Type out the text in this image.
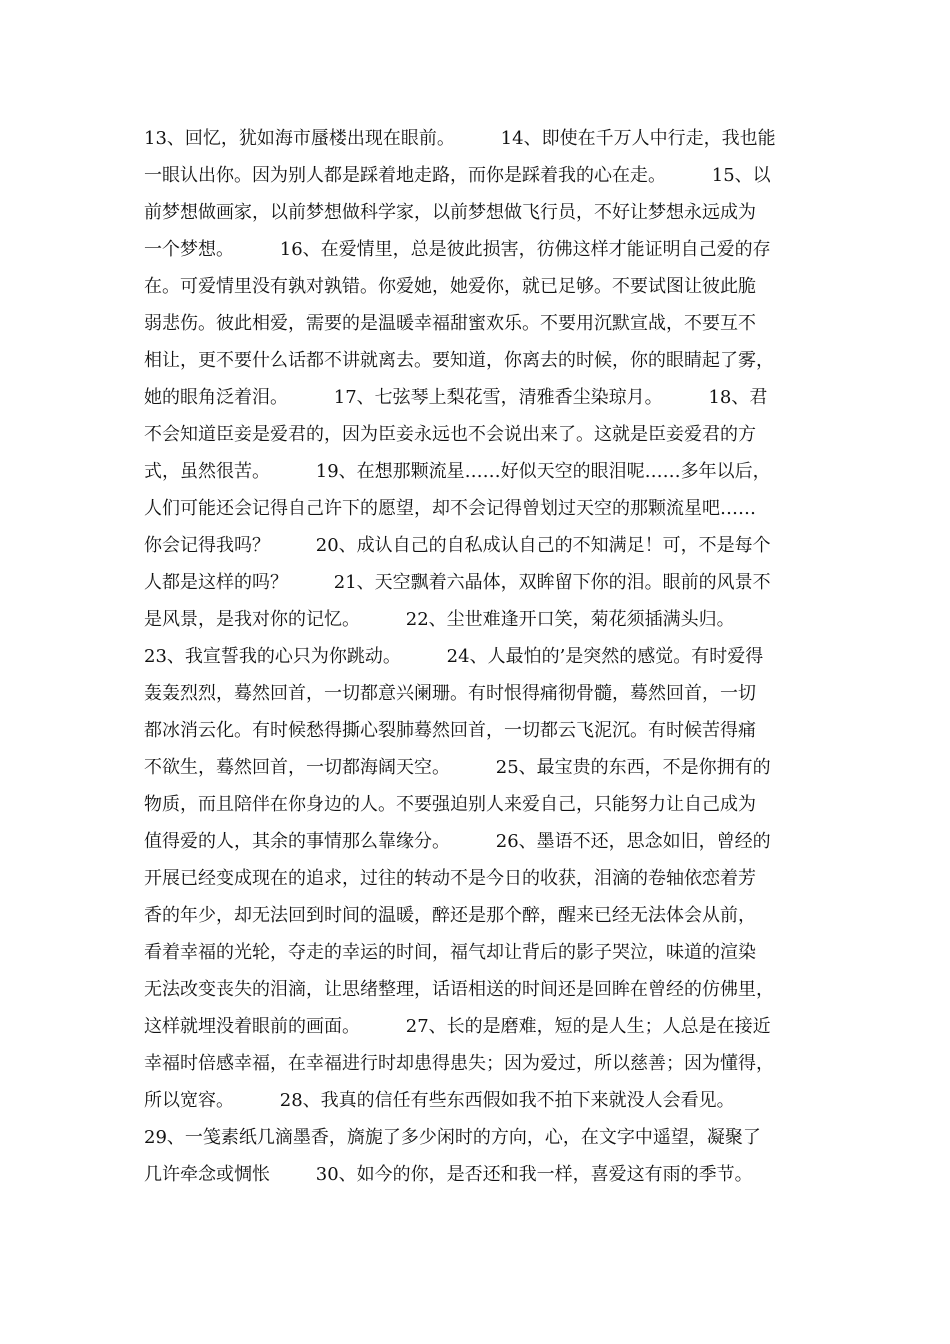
13、回忆，犹如海市蜃楼出现在眼前。        14、即使在千万人中行走，我也能
一眼认出你。因为别人都是踩着地走路，而你是踩着我的心在走。        15、以
前梦想做画家，以前梦想做科学家，以前梦想做飞行员，不好让梦想永远成为
一个梦想。        16、在爱情里，总是彼此损害，彷佛这样才能证明自己爱的存
在。可爱情里没有孰对孰错。你爱她，她爱你，就已足够。不要试图让彼此脆
弱悲伤。彼此相爱，需要的是温暖幸福甜蜜欢乐。不要用沉默宣战，不要互不
相让，更不要什么话都不讲就离去。要知道，你离去的时候，你的眼睛起了雾，
她的眼角泛着泪。        17、七弦琴上梨花雪，清雅香尘染琼月。        18、君
不会知道臣妾是爱君的，因为臣妾永远也不会说出来了。这就是臣妾爱君的方
式，虽然很苦。        19、在想那颗流星……好似天空的眼泪呢……多年以后，
人们可能还会记得自己许下的愿望，却不会记得曾划过天空的那颗流星吧……
你会记得我吗？        20、成认自己的自私成认自己的不知满足！可，不是每个
人都是这样的吗？        21、天空飘着六晶体，双眸留下你的泪。眼前的风景不
是风景，是我对你的记忆。        22、尘世难逢开口笑，菊花须插满头归。
23、我宣誓我的心只为你跳动。        24、人最怕的’是突然的感觉。有时爱得
轰轰烈烈，蓦然回首，一切都意兴阑珊。有时恨得痛彻骨髓，蓦然回首，一切
都冰消云化。有时候愁得撕心裂肺蓦然回首，一切都云飞泥沉。有时候苦得痛
不欲生，蓦然回首，一切都海阔天空。        25、最宝贵的东西，不是你拥有的
物质，而且陪伴在你身边的人。不要强迫别人来爱自己，只能努力让自己成为
值得爱的人，其余的事情那么靠缘分。        26、墨语不还，思念如旧，曾经的
开展已经变成现在的追求，过往的转动不是今日的收获，泪滴的卷轴依恋着芳
香的年少，却无法回到时间的温暖，醉还是那个醉，醒来已经无法体会从前，
看着幸福的光轮，夺走的幸运的时间，福气却让背后的影子哭泣，味道的渲染
无法改变丧失的泪滴，让思绪整理，话语相送的时间还是回眸在曾经的仿佛里，
这样就埋没着眼前的画面。        27、长的是磨难，短的是人生；人总是在接近
幸福时倍感幸福，在幸福进行时却患得患失；因为爱过，所以慈善；因为懂得，
所以宽容。        28、我真的信任有些东西假如我不拍下来就没人会看见。
29、一笺素纸几滴墨香，旖旎了多少闲时的方向，心，在文字中遥望，凝聚了
几许牵念或惆怅        30、如今的你，是否还和我一样，喜爱这有雨的季节。
